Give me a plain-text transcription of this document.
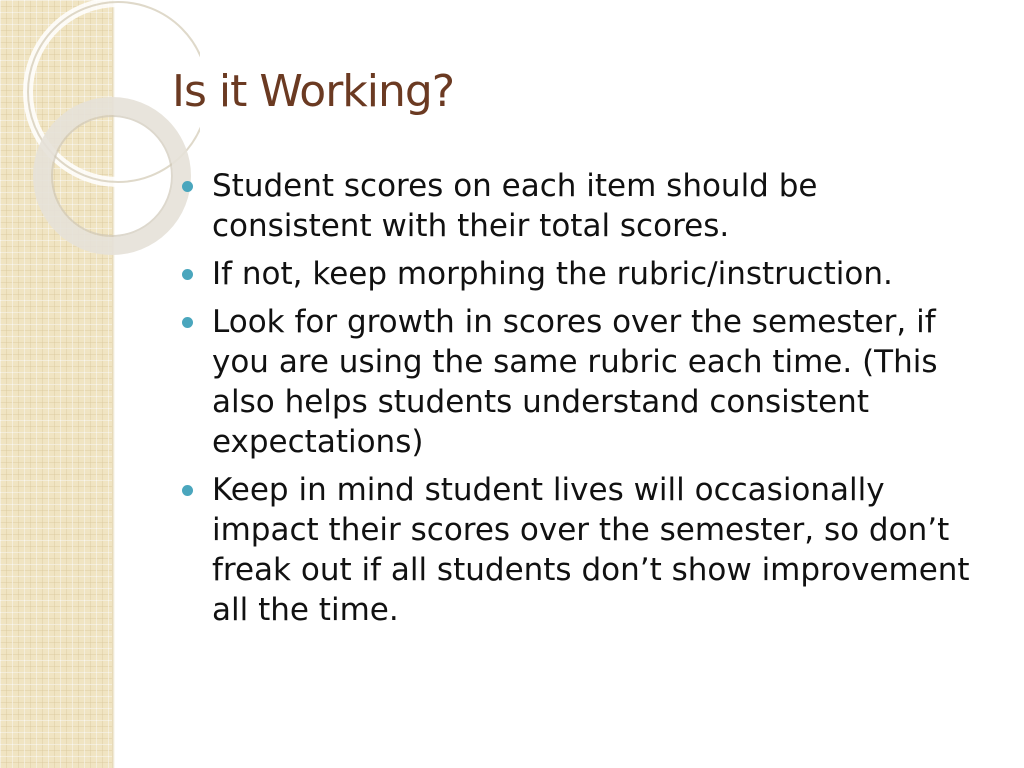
Is it Working?
Student scores on each item should be consistent with their total scores.
If not, keep morphing the rubric/instruction.
Look for growth in scores over the semester, if you are using the same rubric each time. (This also helps students understand consistent expectations)
Keep in mind student lives will occasionally impact their scores over the semester, so don’t freak out if all students don’t show improvement all the time.
